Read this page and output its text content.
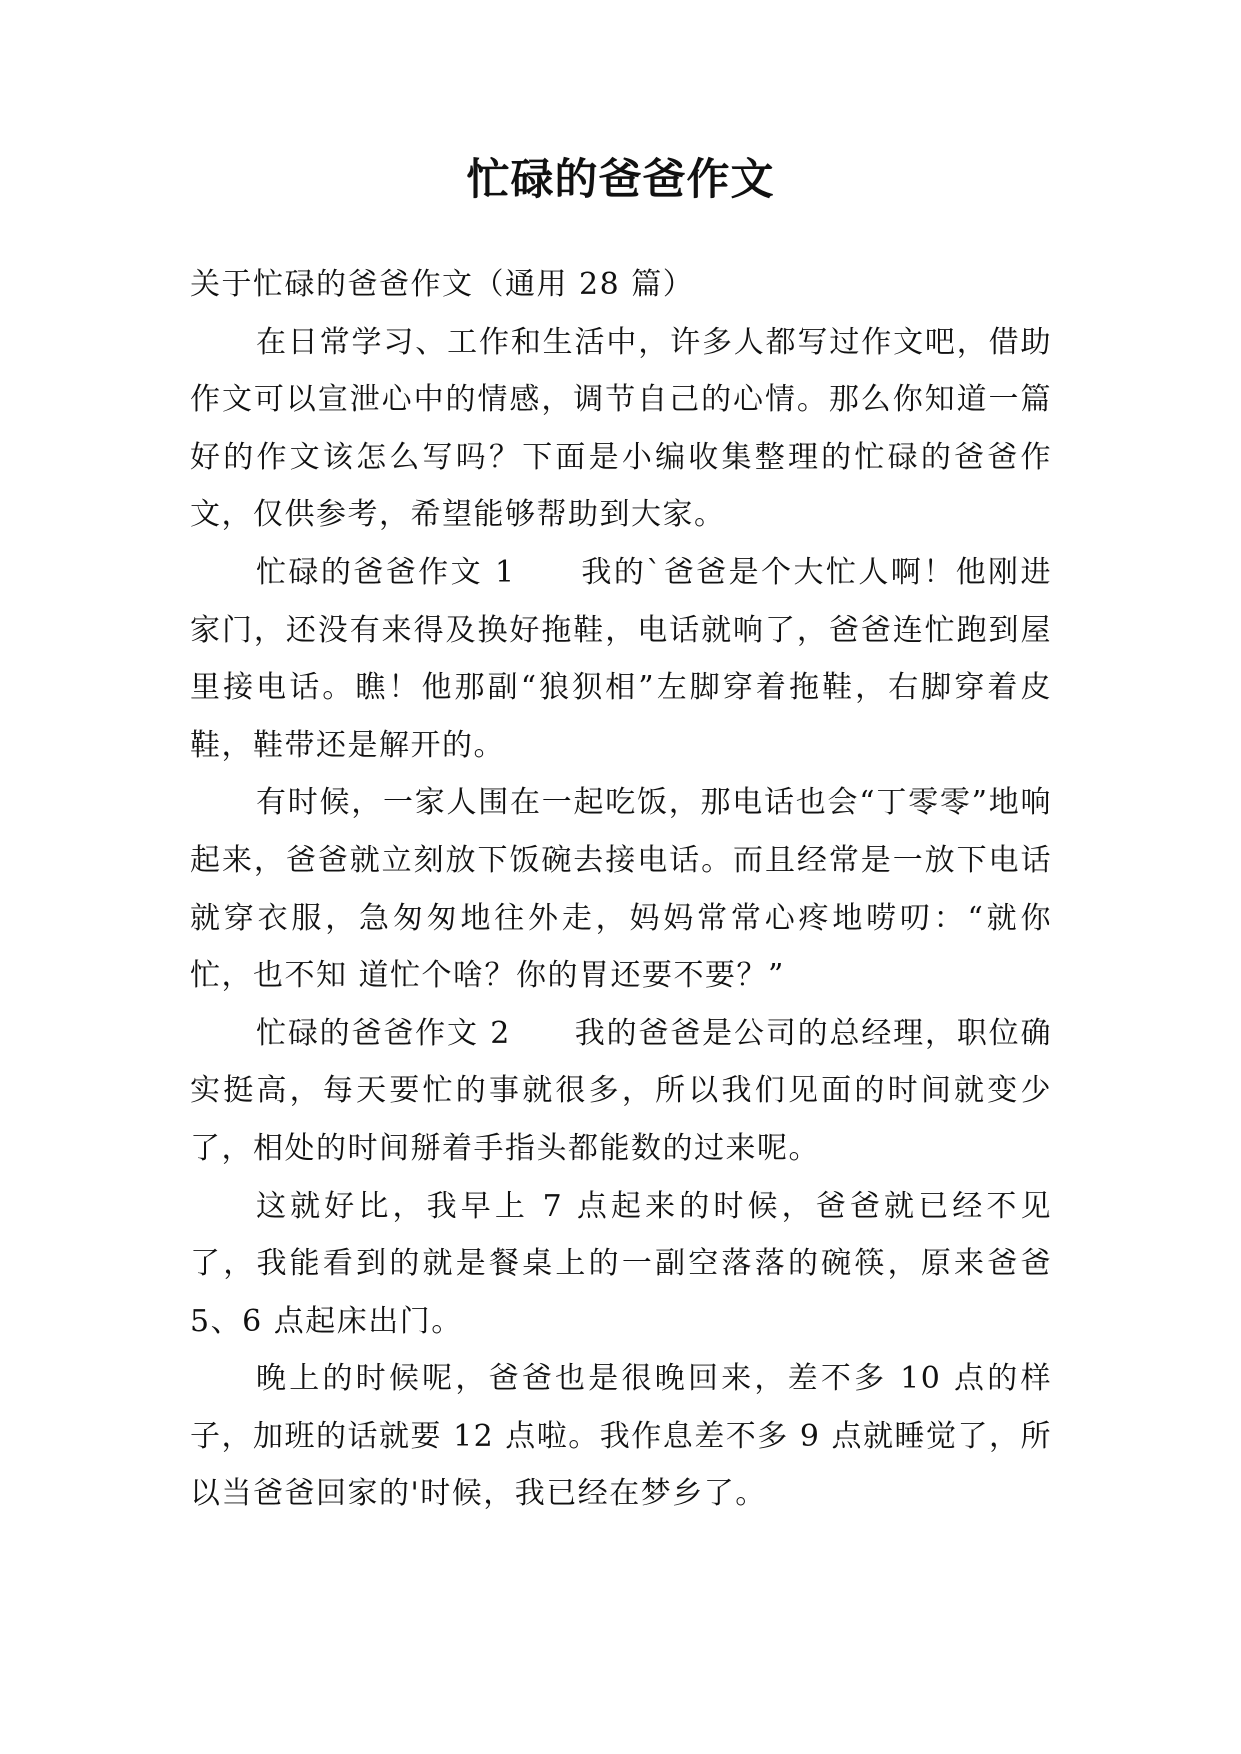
忙碌的爸爸作文

关于忙碌的爸爸作文（通用 28 篇）

在日常学习、工作和生活中，许多人都写过作文吧，借助作文可以宣泄心中的情感，调节自己的心情。那么你知道一篇好的作文该怎么写吗？下面是小编收集整理的忙碌的爸爸作文，仅供参考，希望能够帮助到大家。

忙碌的爸爸作文 1　　我的`爸爸是个大忙人啊！他刚进家门，还没有来得及换好拖鞋，电话就响了，爸爸连忙跑到屋里接电话。瞧！他那副“狼狈相”左脚穿着拖鞋，右脚穿着皮鞋，鞋带还是解开的。

有时候，一家人围在一起吃饭，那电话也会“丁零零”地响起来，爸爸就立刻放下饭碗去接电话。而且经常是一放下电话就穿衣服，急匆匆地往外走，妈妈常常心疼地唠叨：“就你忙，也不知 道忙个啥？你的胃还要不要？”

忙碌的爸爸作文 2　　我的爸爸是公司的总经理，职位确实挺高，每天要忙的事就很多，所以我们见面的时间就变少了，相处的时间掰着手指头都能数的过来呢。

这就好比，我早上 7 点起来的时候，爸爸就已经不见了，我能看到的就是餐桌上的一副空落落的碗筷，原来爸爸 5、6 点起床出门。

晚上的时候呢，爸爸也是很晚回来，差不多 10 点的样子，加班的话就要 12 点啦。我作息差不多 9 点就睡觉了，所以当爸爸回家的'时候，我已经在梦乡了。
